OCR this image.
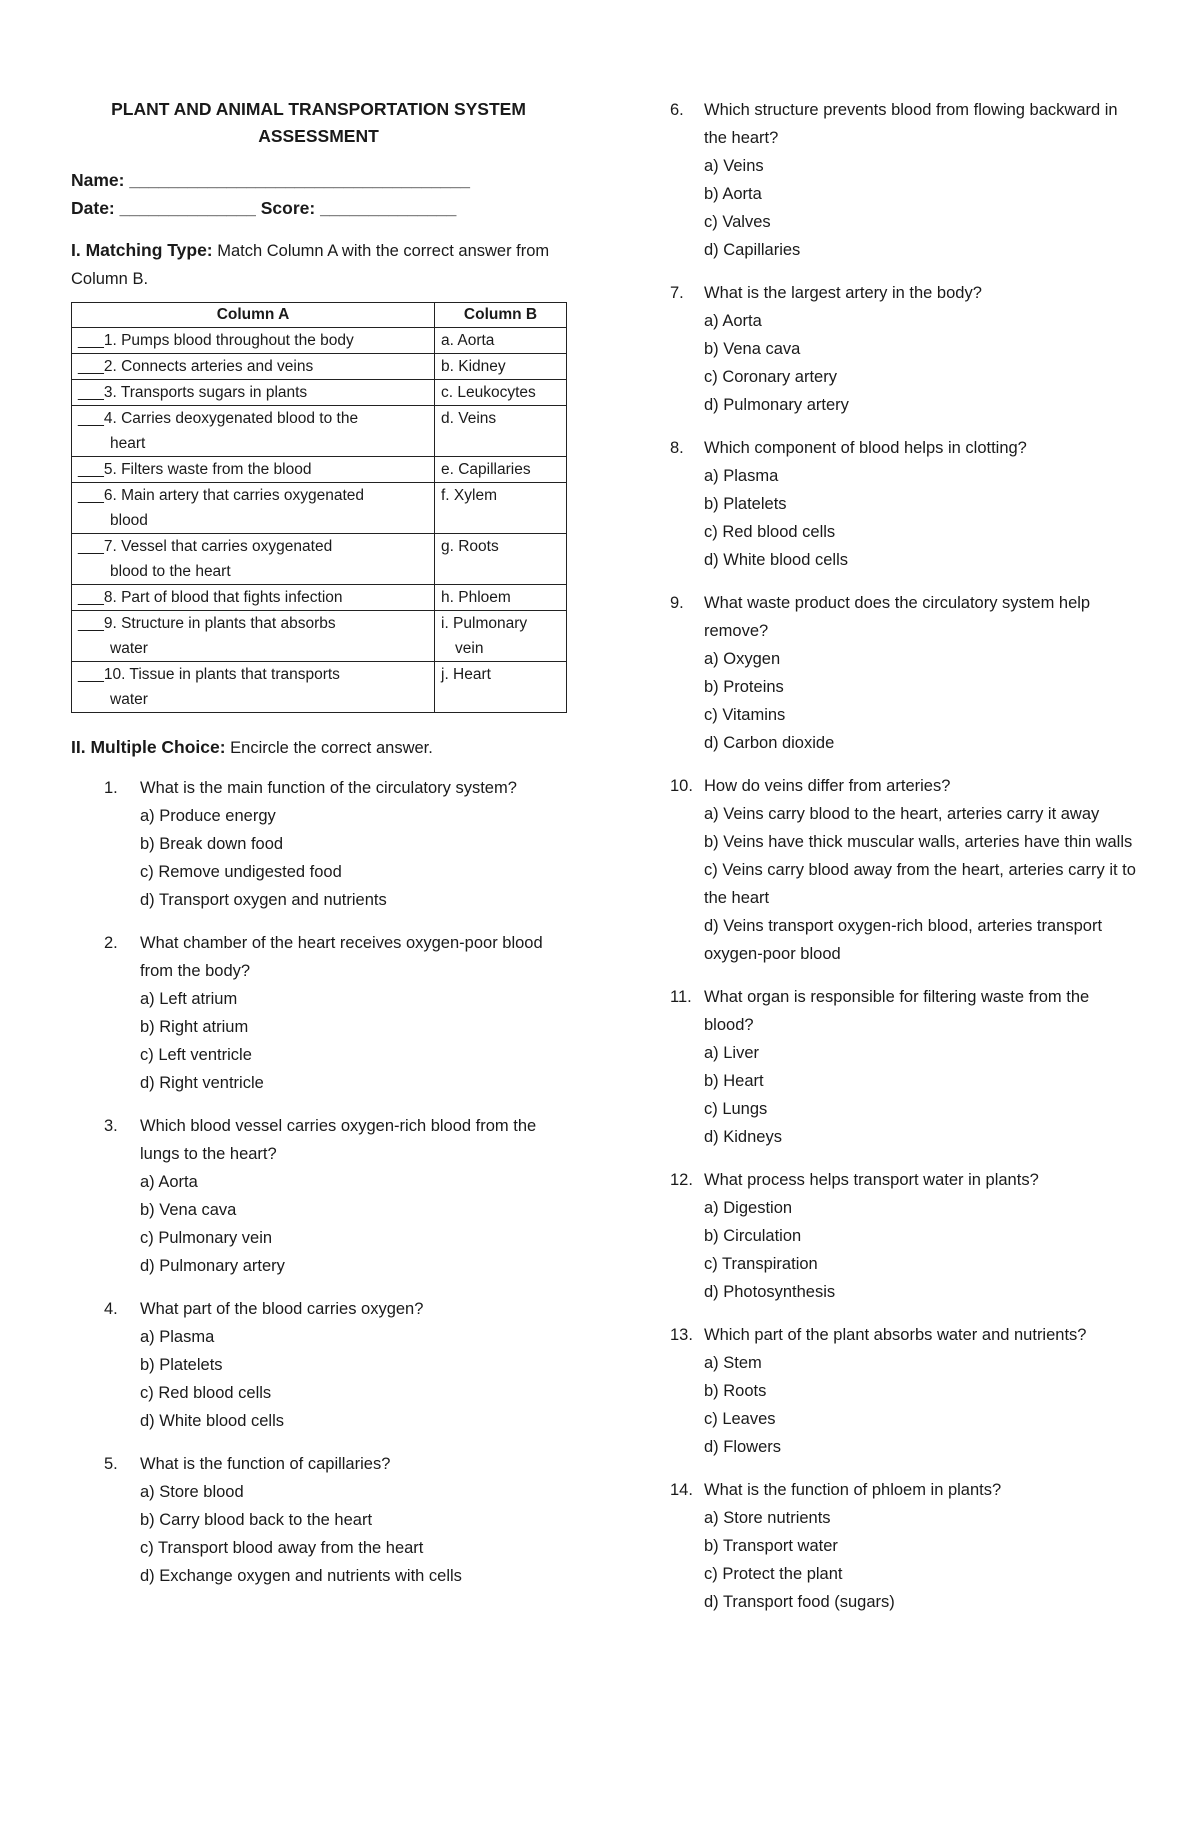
PLANT AND ANIMAL TRANSPORTATION SYSTEM
ASSESSMENT
Name: ___________________________________
Date: ______________ Score: ______________
I. Matching Type: Match Column A with the correct answer from Column B.
Column A	Column B
___1. Pumps blood throughout the body	a. Aorta
___2. Connects arteries and veins	b. Kidney
___3. Transports sugars in plants	c. Leukocytes
___4. Carries deoxygenated blood to the
heart	d. Veins
___5. Filters waste from the blood	e. Capillaries
___6. Main artery that carries oxygenated
blood	f. Xylem
___7. Vessel that carries oxygenated
blood to the heart	g. Roots
___8. Part of blood that fights infection	h. Phloem
___9. Structure in plants that absorbs
water	i. Pulmonary
vein

___10. Tissue in plants that transports
water	j. Heart
II. Multiple Choice: Encircle the correct answer.
1.	What is the main function of the circulatory system?
a) Produce energy
b) Break down food
c) Remove undigested food
d) Transport oxygen and nutrients
2.	What chamber of the heart receives oxygen-poor blood from the body?
a) Left atrium
b) Right atrium
c) Left ventricle
d) Right ventricle
3.	Which blood vessel carries oxygen-rich blood from the lungs to the heart?
a) Aorta
b) Vena cava
c) Pulmonary vein
d) Pulmonary artery
4.	What part of the blood carries oxygen?
a) Plasma
b) Platelets
c) Red blood cells
d) White blood cells
5.	What is the function of capillaries?
a) Store blood
b) Carry blood back to the heart
c) Transport blood away from the heart
d) Exchange oxygen and nutrients with cells
6.	Which structure prevents blood from flowing backward in the heart?
a) Veins
b) Aorta
c) Valves
d) Capillaries
7.	What is the largest artery in the body?
a) Aorta
b) Vena cava
c) Coronary artery
d) Pulmonary artery
8.	Which component of blood helps in clotting?
a) Plasma
b) Platelets
c) Red blood cells
d) White blood cells
9.	What waste product does the circulatory system help remove?
a) Oxygen
b) Proteins
c) Vitamins
d) Carbon dioxide
10. How do veins differ from arteries?
a) Veins carry blood to the heart, arteries carry it away
b) Veins have thick muscular walls, arteries have thin walls
c) Veins carry blood away from the heart, arteries carry it to the heart
d) Veins transport oxygen-rich blood, arteries transport oxygen-poor blood
11. What organ is responsible for filtering waste from the blood?
a) Liver
b) Heart
c) Lungs
d) Kidneys
12. What process helps transport water in plants?
a) Digestion
b) Circulation
c) Transpiration
d) Photosynthesis
13. Which part of the plant absorbs water and nutrients?
a) Stem
b) Roots
c) Leaves
d) Flowers
14. What is the function of phloem in plants?
a) Store nutrients
b) Transport water
c) Protect the plant
d) Transport food (sugars)
